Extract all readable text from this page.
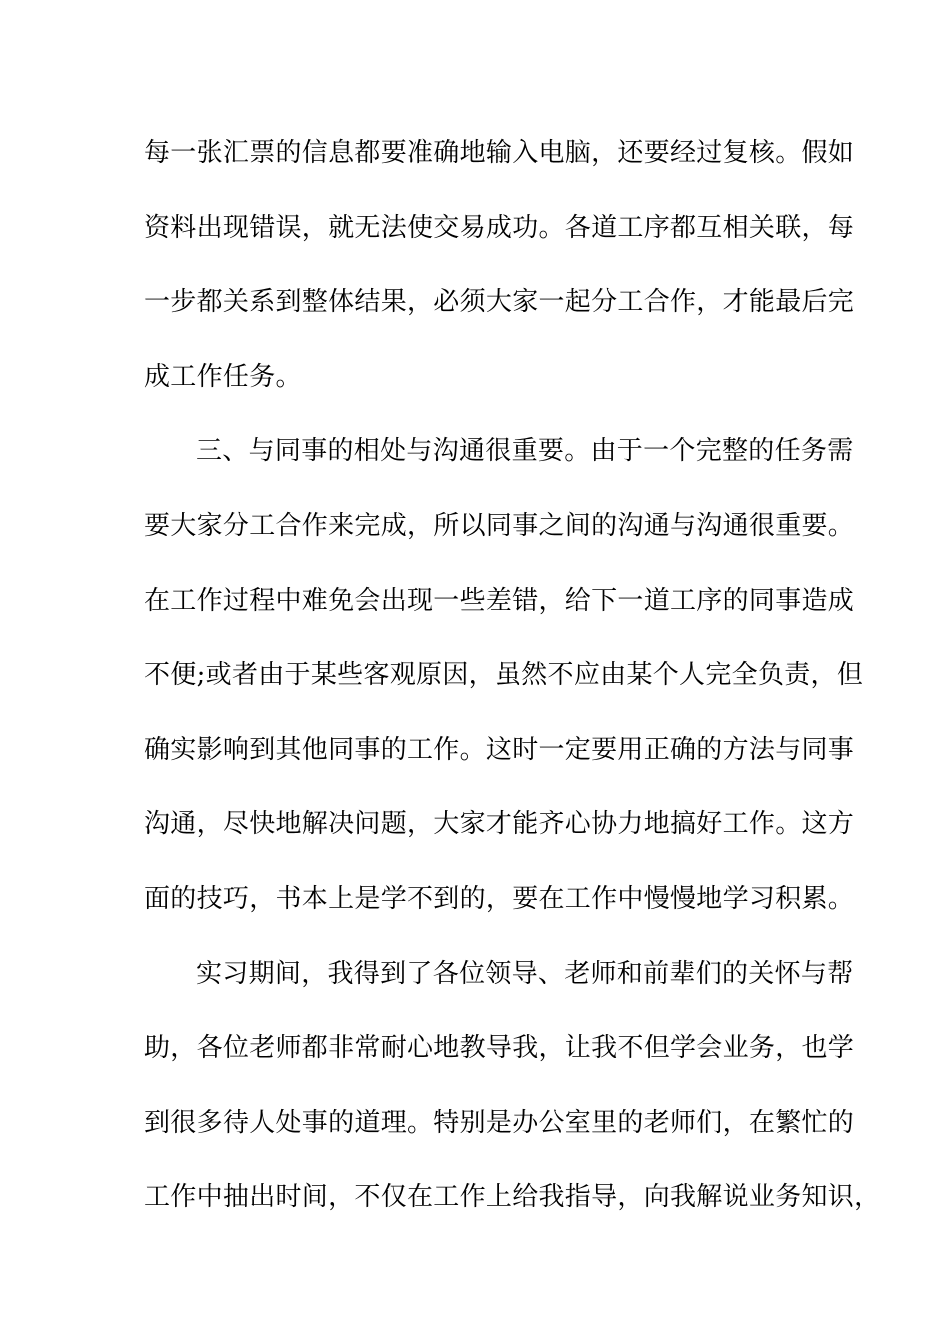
每一张汇票的信息都要准确地输入电脑，还要经过复核。假如
资料出现错误，就无法使交易成功。各道工序都互相关联，每
一步都关系到整体结果，必须大家一起分工合作，才能最后完
成工作任务。
三、与同事的相处与沟通很重要。由于一个完整的任务需
要大家分工合作来完成，所以同事之间的沟通与沟通很重要。
在工作过程中难免会出现一些差错，给下一道工序的同事造成
不便;或者由于某些客观原因，虽然不应由某个人完全负责，但
确实影响到其他同事的工作。这时一定要用正确的方法与同事
沟通，尽快地解决问题，大家才能齐心协力地搞好工作。这方
面的技巧，书本上是学不到的，要在工作中慢慢地学习积累。
实习期间，我得到了各位领导、老师和前辈们的关怀与帮
助，各位老师都非常耐心地教导我，让我不但学会业务，也学
到很多待人处事的道理。特别是办公室里的老师们，在繁忙的
工作中抽出时间，不仅在工作上给我指导，向我解说业务知识，
